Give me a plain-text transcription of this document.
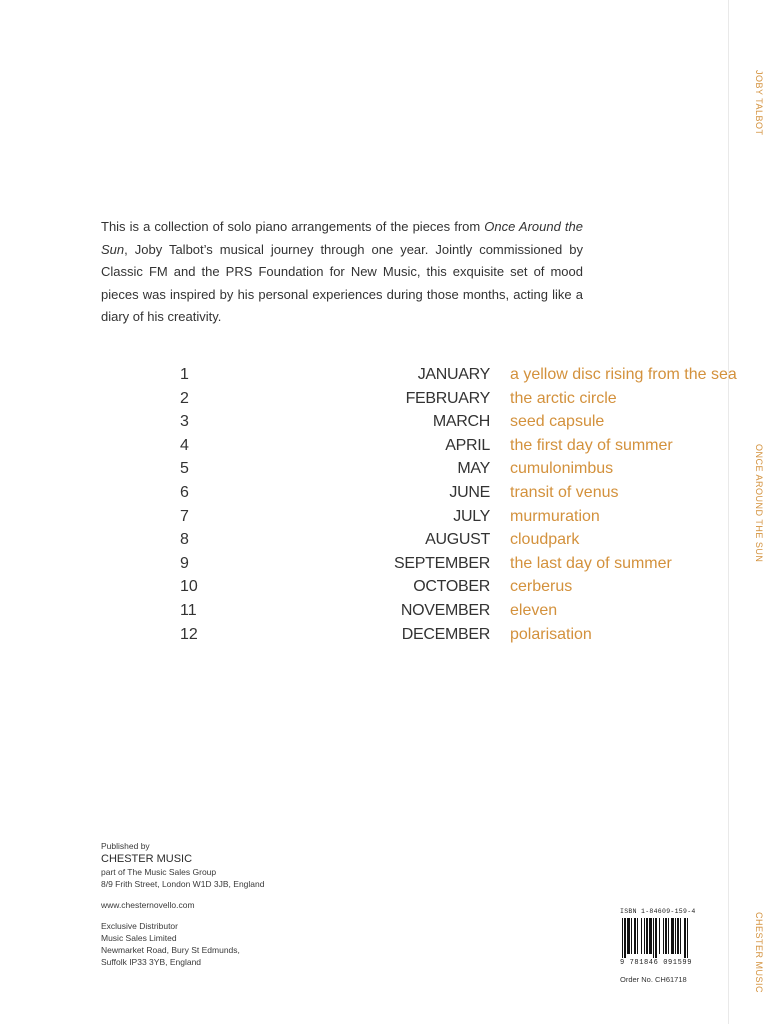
JOBY TALBOT
ONCE AROUND THE SUN
CHESTER MUSIC
This is a collection of solo piano arrangements of the pieces from Once Around the Sun, Joby Talbot’s musical journey through one year. Jointly commissioned by Classic FM and the PRS Foundation for New Music, this exquisite set of mood pieces was inspired by his personal experiences during those months, acting like a diary of his creativity.
1	JANUARY a yellow disc rising from the sea
2	FEBRUARY the arctic circle
3	MARCH seed capsule
4	APRIL the first day of summer
5	MAY cumulonimbus
6	JUNE transit of venus
7	JULY murmuration
8	AUGUST cloudpark
9	SEPTEMBER the last day of summer
10	OCTOBER cerberus
11	NOVEMBER eleven
12	DECEMBER polarisation
Published by
CHESTER MUSIC
part of The Music Sales Group
8/9 Frith Street, London W1D 3JB, England
www.chesternovello.com
Exclusive Distributor
Music Sales Limited
Newmarket Road, Bury St Edmunds,
Suffolk IP33 3YB, England
ISBN 1-84609-159-4
9 781846 091599
Order No. CH61718
